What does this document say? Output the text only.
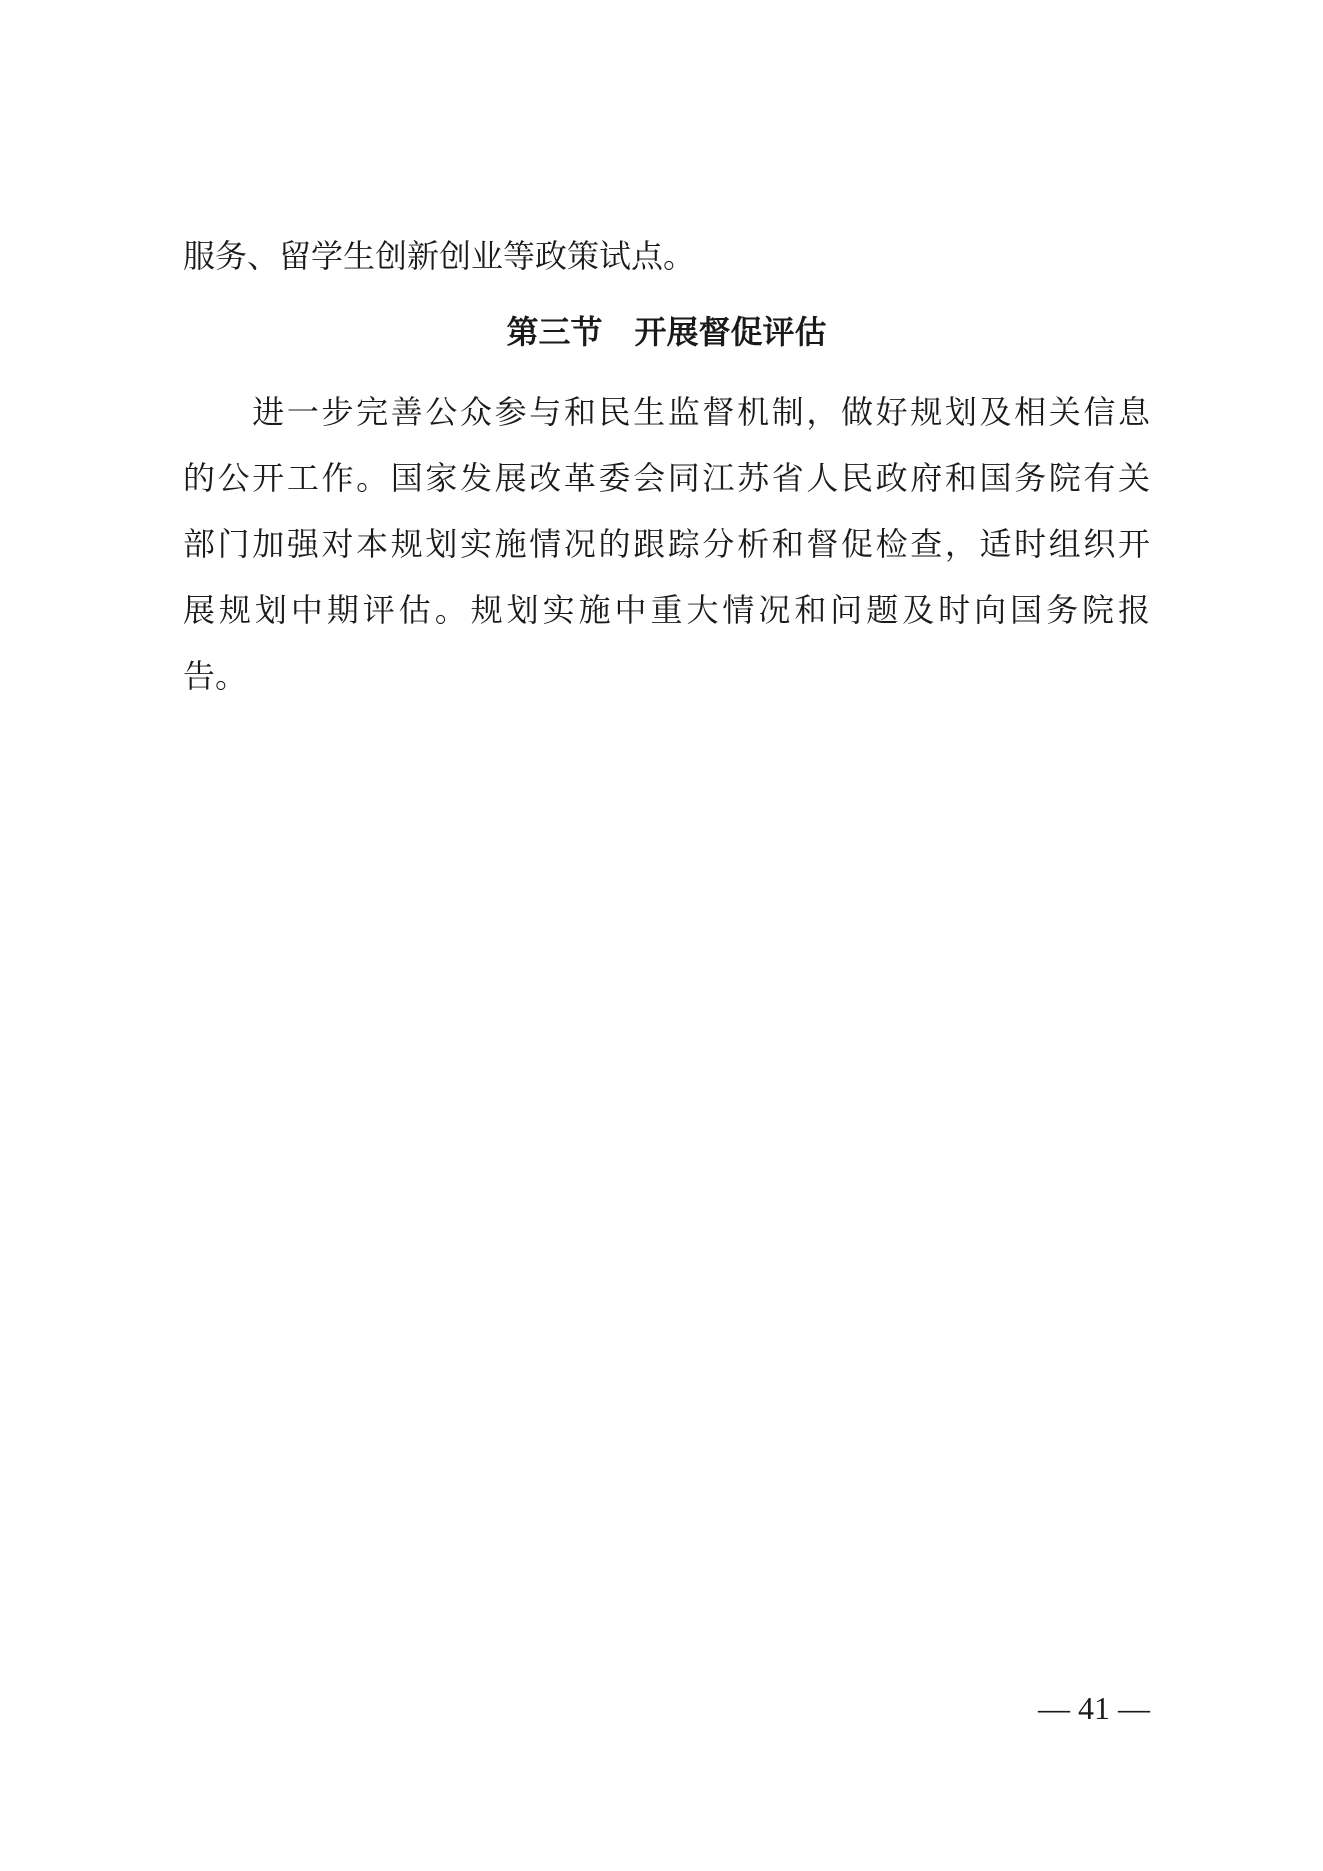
服务、留学生创新创业等政策试点。
第三节　开展督促评估
　　进一步完善公众参与和民生监督机制，做好规划及相关信息
的公开工作。国家发展改革委会同江苏省人民政府和国务院有关
部门加强对本规划实施情况的跟踪分析和督促检查，适时组织开
展规划中期评估。规划实施中重大情况和问题及时向国务院报
告。
— 41 —
